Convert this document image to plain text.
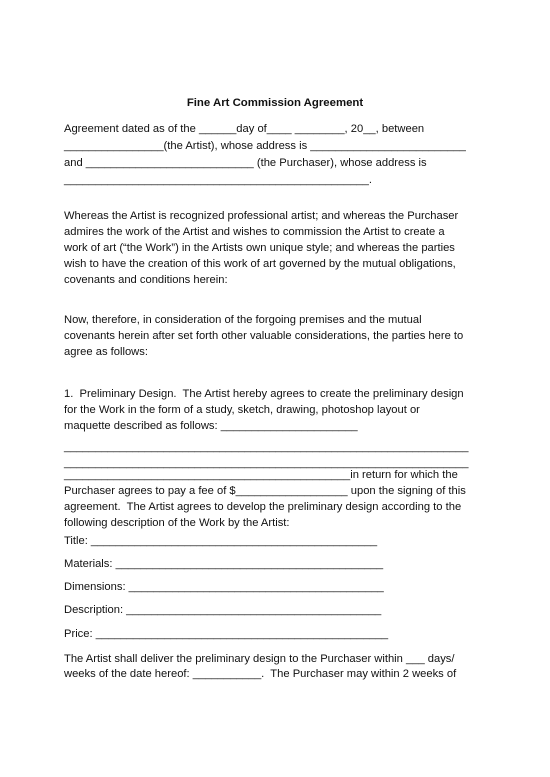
Fine Art Commission Agreement
Agreement dated as of the ______day of____ ________, 20__, between
________________(the Artist), whose address is _________________________
and ___________________________ (the Purchaser), whose address is
_________________________________________________.
Whereas the Artist is recognized professional artist; and whereas the Purchaser
admires the work of the Artist and wishes to commission the Artist to create a
work of art (“the Work”) in the Artists own unique style; and whereas the parties
wish to have the creation of this work of art governed by the mutual obligations,
covenants and conditions herein:
Now, therefore, in consideration of the forgoing premises and the mutual
covenants herein after set forth other valuable considerations, the parties here to
agree as follows:
1.  Preliminary Design.  The Artist hereby agrees to create the preliminary design
for the Work in the form of a study, sketch, drawing, photoshop layout or
maquette described as follows: ______________________
_________________________________________________________________
_________________________________________________________________
______________________________________________in return for which the
Purchaser agrees to pay a fee of $__________________ upon the signing of this
agreement.  The Artist agrees to develop the preliminary design according to the
following description of the Work by the Artist:
Title: ______________________________________________
Materials: ___________________________________________
Dimensions: _________________________________________
Description: _________________________________________
Price: _______________________________________________
The Artist shall deliver the preliminary design to the Purchaser within ___ days/
weeks of the date hereof: ___________.  The Purchaser may within 2 weeks of
